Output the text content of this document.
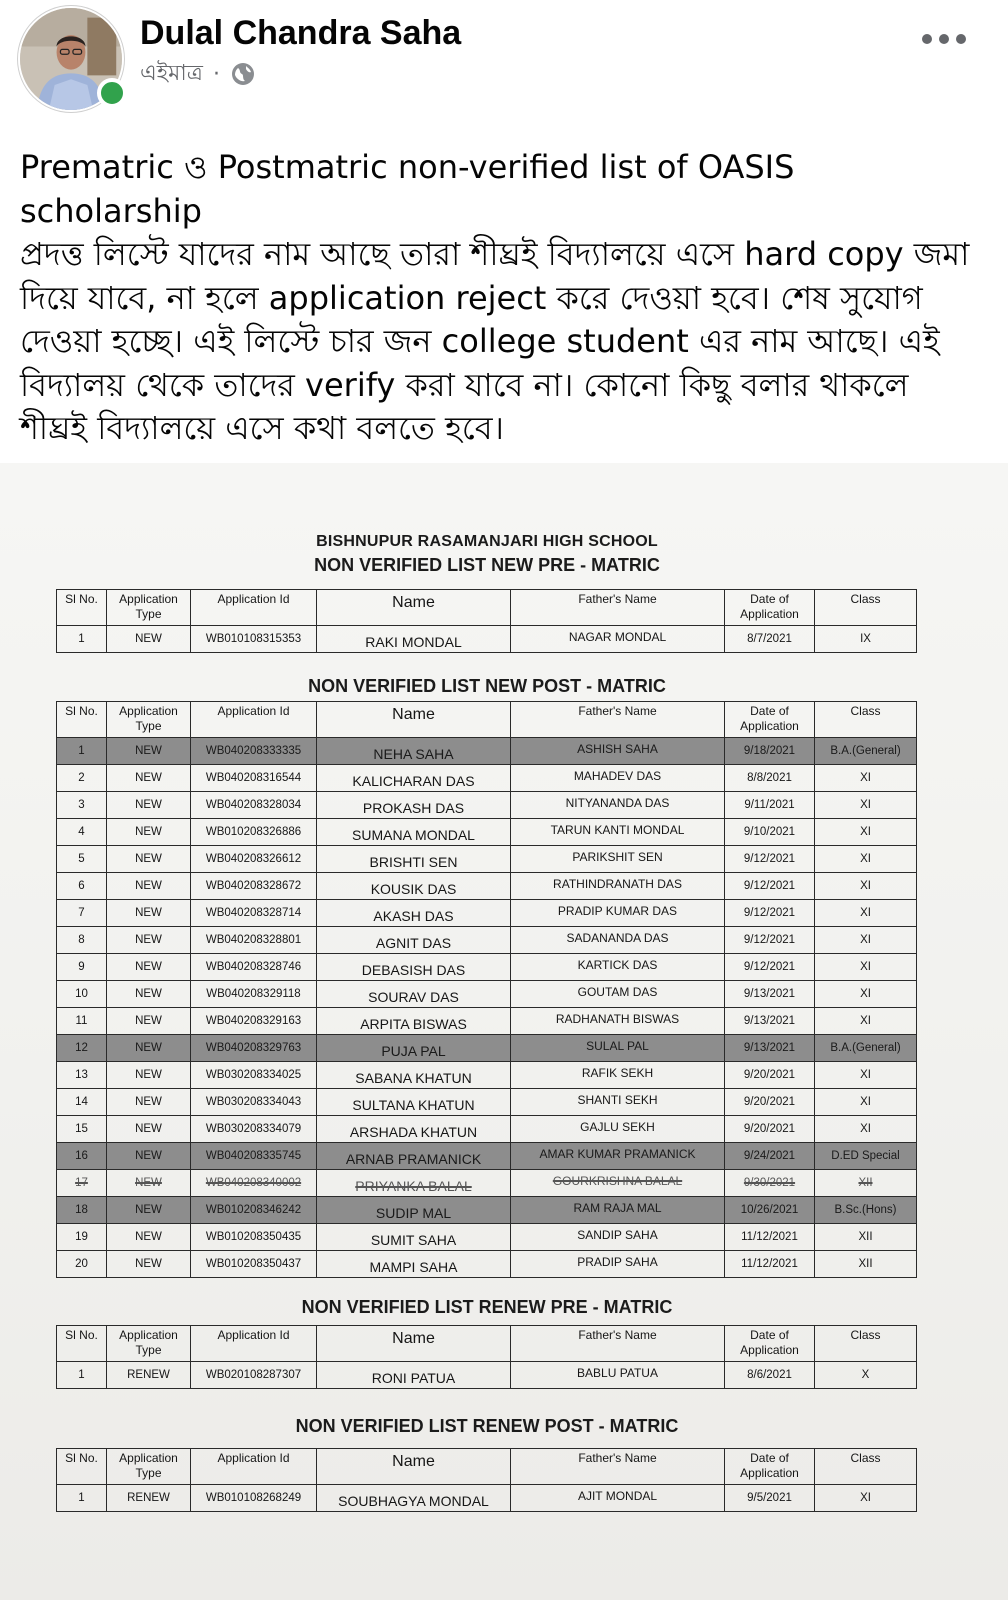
Dulal Chandra Saha
এইমাত্র ·

Prematric ও Postmatric non-verified list of OASIS scholarship

প্রদত্ত লিস্টে যাদের নাম আছে তারা শীঘ্রই বিদ্যালয়ে এসে hard copy জমা দিয়ে যাবে, না হলে application reject করে দেওয়া হবে। শেষ সুযোগ দেওয়া হচ্ছে। এই লিস্টে চার জন college student এর নাম আছে। এই বিদ্যালয় থেকে তাদের verify করা যাবে না। কোনো কিছু বলার থাকলে শীঘ্রই বিদ্যালয়ে এসে কথা বলতে হবে।

BISHNUPUR RASAMANJARI HIGH SCHOOL
NON VERIFIED LIST NEW PRE - MATRIC
Sl No.	Application Type	Application Id	Name	Father's Name	Date of Application	Class
1	NEW	WB010108315353	RAKI MONDAL	NAGAR MONDAL	8/7/2021	IX
NON VERIFIED LIST NEW POST - MATRIC
Sl No.	Application Type	Application Id	Name	Father's Name	Date of Application	Class
1	NEW	WB040208333335	NEHA SAHA	ASHISH SAHA	9/18/2021	B.A.(General)
2	NEW	WB040208316544	KALICHARAN DAS	MAHADEV DAS	8/8/2021	XI
3	NEW	WB040208328034	PROKASH DAS	NITYANANDA DAS	9/11/2021	XI
4	NEW	WB010208326886	SUMANA MONDAL	TARUN KANTI MONDAL	9/10/2021	XI
5	NEW	WB040208326612	BRISHTI SEN	PARIKSHIT SEN	9/12/2021	XI
6	NEW	WB040208328672	KOUSIK DAS	RATHINDRANATH DAS	9/12/2021	XI
7	NEW	WB040208328714	AKASH DAS	PRADIP KUMAR DAS	9/12/2021	XI
8	NEW	WB040208328801	AGNIT DAS	SADANANDA DAS	9/12/2021	XI
9	NEW	WB040208328746	DEBASISH DAS	KARTICK DAS	9/12/2021	XI
10	NEW	WB040208329118	SOURAV DAS	GOUTAM DAS	9/13/2021	XI
11	NEW	WB040208329163	ARPITA BISWAS	RADHANATH BISWAS	9/13/2021	XI
12	NEW	WB040208329763	PUJA PAL	SULAL PAL	9/13/2021	B.A.(General)
13	NEW	WB030208334025	SABANA KHATUN	RAFIK SEKH	9/20/2021	XI
14	NEW	WB030208334043	SULTANA KHATUN	SHANTI SEKH	9/20/2021	XI
15	NEW	WB030208334079	ARSHADA KHATUN	GAJLU SEKH	9/20/2021	XI
16	NEW	WB040208335745	ARNAB PRAMANICK	AMAR KUMAR PRAMANICK	9/24/2021	D.ED Special
17	NEW	WB040208340002	PRIYANKA BALAL	GOURKRISHNA BALAL	9/30/2021	XII
18	NEW	WB010208346242	SUDIP MAL	RAM RAJA MAL	10/26/2021	B.Sc.(Hons)
19	NEW	WB010208350435	SUMIT SAHA	SANDIP SAHA	11/12/2021	XII
20	NEW	WB010208350437	MAMPI SAHA	PRADIP SAHA	11/12/2021	XII
NON VERIFIED LIST RENEW PRE - MATRIC
Sl No.	Application Type	Application Id	Name	Father's Name	Date of Application	Class
1	RENEW	WB020108287307	RONI PATUA	BABLU PATUA	8/6/2021	X
NON VERIFIED LIST RENEW POST - MATRIC
Sl No.	Application Type	Application Id	Name	Father's Name	Date of Application	Class
1	RENEW	WB010108268249	SOUBHAGYA MONDAL	AJIT MONDAL	9/5/2021	XI
